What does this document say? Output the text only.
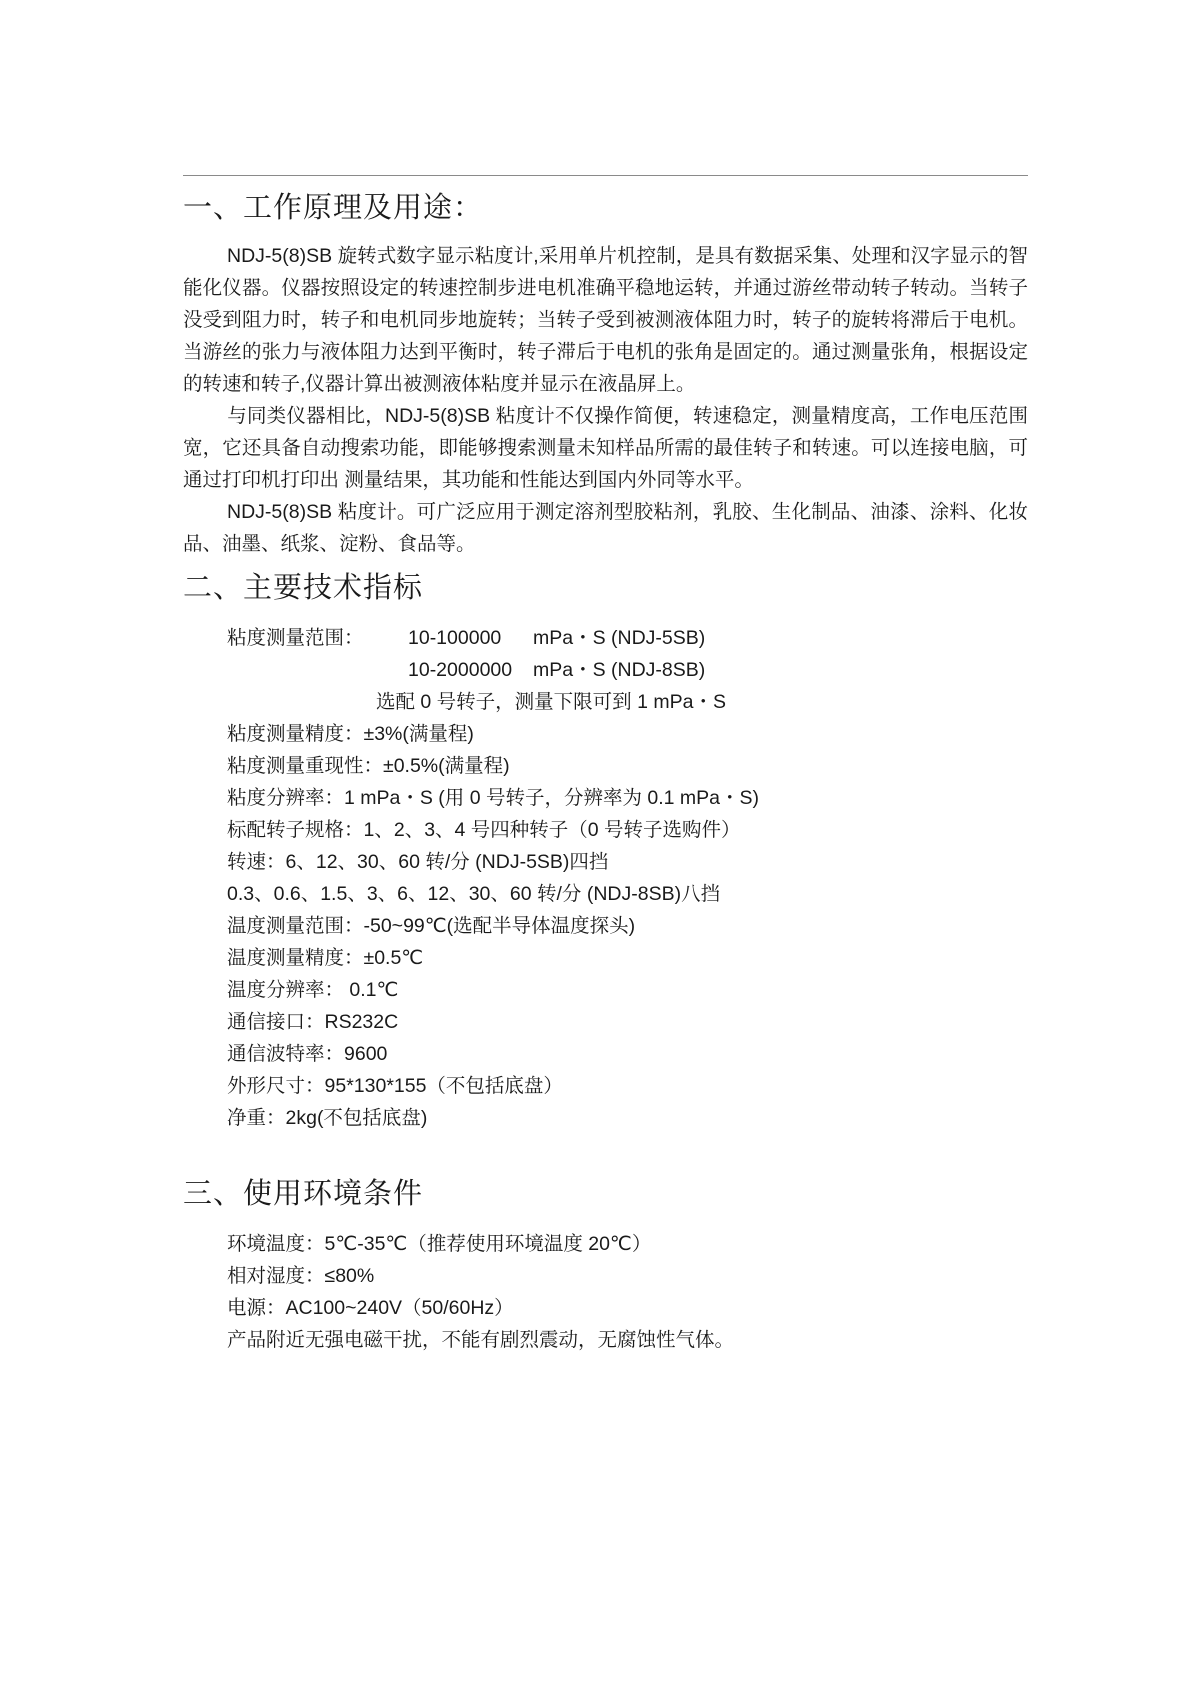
一、工作原理及用途：

NDJ-5(8)SB 旋转式数字显示粘度计,采用单片机控制，是具有数据采集、处理和汉字显示的智能化仪器。仪器按照设定的转速控制步进电机准确平稳地运转，并通过游丝带动转子转动。当转子没受到阻力时，转子和电机同步地旋转；当转子受到被测液体阻力时，转子的旋转将滞后于电机。当游丝的张力与液体阻力达到平衡时，转子滞后于电机的张角是固定的。通过测量张角，根据设定的转速和转子,仪器计算出被测液体粘度并显示在液晶屏上。

与同类仪器相比，NDJ-5(8)SB 粘度计不仅操作简便，转速稳定，测量精度高，工作电压范围宽，它还具备自动搜索功能，即能够搜索测量未知样品所需的最佳转子和转速。可以连接电脑，可通过打印机打印出 测量结果，其功能和性能达到国内外同等水平。

NDJ-5(8)SB 粘度计。可广泛应用于测定溶剂型胶粘剂，乳胶、生化制品、油漆、涂料、化妆品、油墨、纸浆、淀粉、食品等。

二、主要技术指标
粘度测量范围： 10-100000 mPa・S (NDJ-5SB)
10-2000000 mPa・S (NDJ-8SB)
选配 0 号转子，测量下限可到 1 mPa・S
粘度测量精度：±3%(满量程)
粘度测量重现性：±0.5%(满量程)
粘度分辨率：1 mPa・S (用 0 号转子，分辨率为 0.1 mPa・S)
标配转子规格：1、2、3、4 号四种转子（0 号转子选购件）
转速：6、12、30、60 转/分 (NDJ-5SB)四挡
0.3、0.6、1.5、3、6、12、30、60 转/分 (NDJ-8SB)八挡
温度测量范围：-50~99℃(选配半导体温度探头)
温度测量精度：±0.5℃
温度分辨率： 0.1℃
通信接口：RS232C
通信波特率：9600
外形尺寸：95*130*155（不包括底盘）
净重：2kg(不包括底盘)
三、使用环境条件
环境温度：5℃-35℃（推荐使用环境温度 20℃）
相对湿度：≤80%
电源：AC100~240V（50/60Hz）
产品附近无强电磁干扰，不能有剧烈震动，无腐蚀性气体。
